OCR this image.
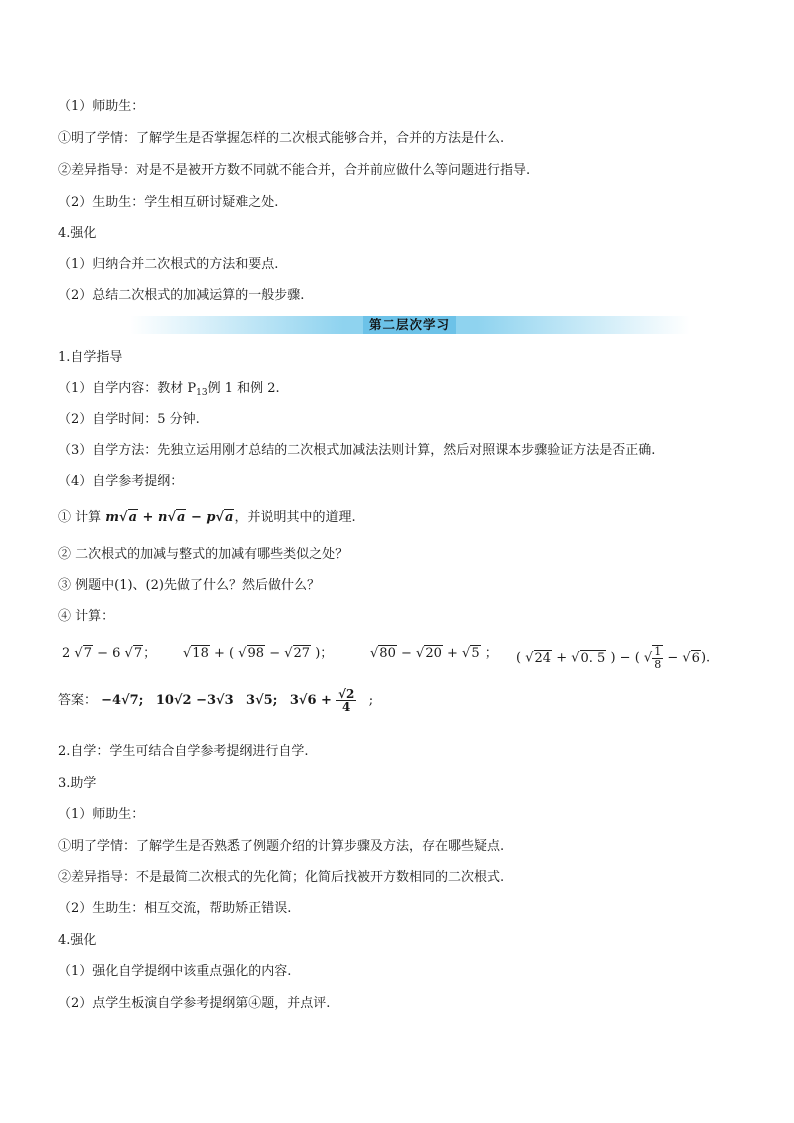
（1）师助生：
①明了学情：了解学生是否掌握怎样的二次根式能够合并，合并的方法是什么.
②差异指导：对是不是被开方数不同就不能合并，合并前应做什么等问题进行指导.
（2）生助生：学生相互研讨疑难之处.
4.强化
（1）归纳合并二次根式的方法和要点.
（2）总结二次根式的加减运算的一般步骤.
第二层次学习
1.自学指导
（1）自学内容：教材 $P_{13}$例 1 和例 2.
（2）自学时间：5 分钟.
（3）自学方法：先独立运用刚才总结的二次根式加减法法则计算，然后对照课本步骤验证方法是否正确.
（4）自学参考提纲：
① 计算 m√a + n√a − p√a，并说明其中的道理.
② 二次根式的加减与整式的加减有哪些类似之处？
③ 例题中(1)、(2)先做了什么？然后做什么？
④ 计算：
2 √7 − 6 √7； √18 + ( √98 − √27 )；	√80 − √20 + √5 ； ( √24 + √0. 5 ) − ( √ $\frac{1}{8} - √6$).
答案： −4√7; 10√2 −3√3 3√5; $3√6 + \frac{√2}{4}$ ;
2.自学：学生可结合自学参考提纲进行自学.
3.助学
（1）师助生：
①明了学情：了解学生是否熟悉了例题介绍的计算步骤及方法，存在哪些疑点.
②差异指导：不是最简二次根式的先化简；化简后找被开方数相同的二次根式.
（2）生助生：相互交流，帮助矫正错误.
4.强化
（1）强化自学提纲中该重点强化的内容.
（2）点学生板演自学参考提纲第④题，并点评.
